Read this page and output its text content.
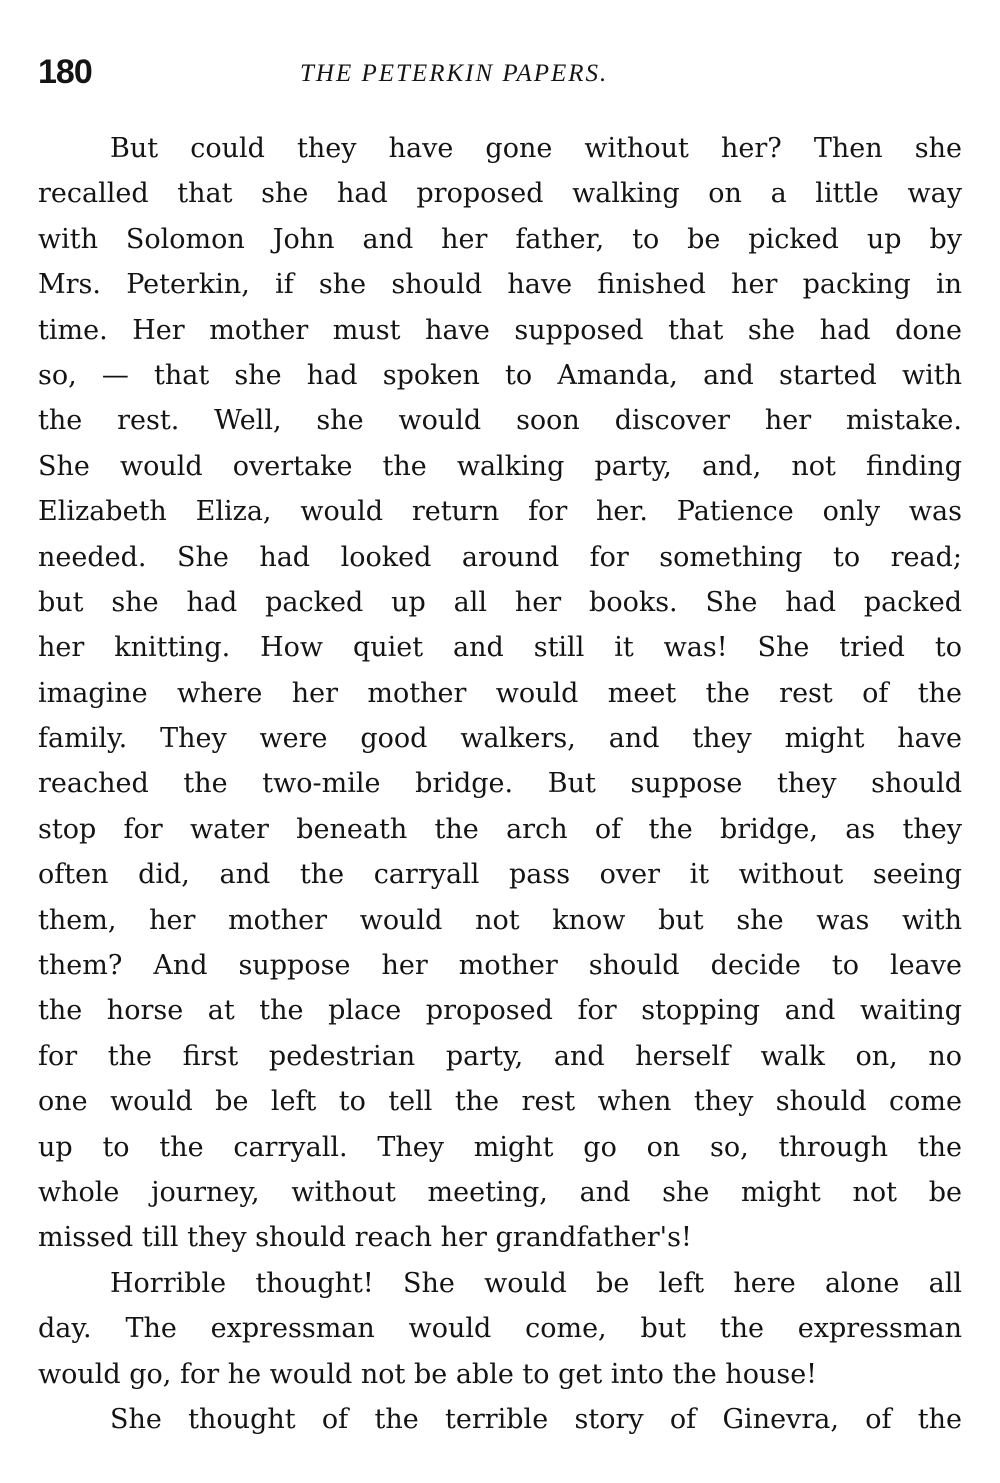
180	THE PETERKIN PAPERS.
But could they have gone without her? Then she
recalled that she had proposed walking on a little way
with Solomon John and her father, to be picked up by
Mrs. Peterkin, if she should have finished her packing in
time. Her mother must have supposed that she had done
so, — that she had spoken to Amanda, and started with
the rest. Well, she would soon discover her mistake.
She would overtake the walking party, and, not finding
Elizabeth Eliza, would return for her. Patience only was
needed. She had looked around for something to read;
but she had packed up all her books. She had packed
her knitting. How quiet and still it was! She tried to
imagine where her mother would meet the rest of the
family. They were good walkers, and they might have
reached the two-mile bridge. But suppose they should
stop for water beneath the arch of the bridge, as they
often did, and the carryall pass over it without seeing
them, her mother would not know but she was with
them? And suppose her mother should decide to leave
the horse at the place proposed for stopping and waiting
for the first pedestrian party, and herself walk on, no
one would be left to tell the rest when they should come
up to the carryall. They might go on so, through the
whole journey, without meeting, and she might not be
missed till they should reach her grandfather's!
Horrible thought! She would be left here alone all
day. The expressman would come, but the expressman
would go, for he would not be able to get into the house!
She thought of the terrible story of Ginevra, of the
